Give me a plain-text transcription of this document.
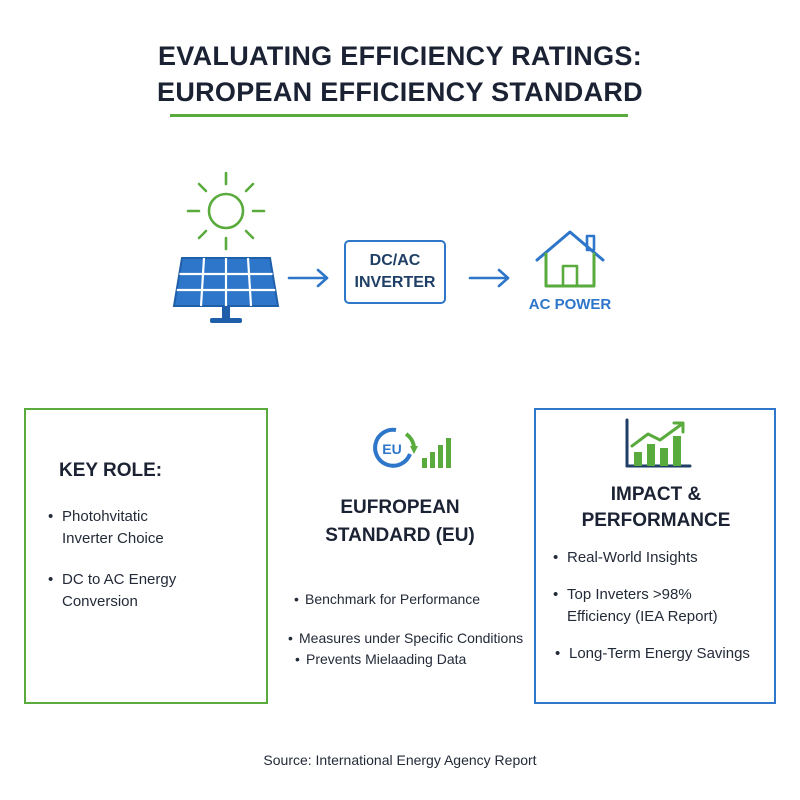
EVALUATING EFFICIENCY RATINGS:
EUROPEAN EFFICIENCY STANDARD
DC/AC
INVERTER
AC POWER
KEY ROLE:
• Photohvitatic
Inverter Choice
• DC to AC Energy
Conversion
EU
EUFROPEAN
STANDARD (EU)
• Benchmark for Performance
• Measures under Specific Conditions
• Prevents Mielaading Data
IMPACT &
PERFORMANCE
• Real-World Insights
• Top Inveters >98%
Efficiency (IEA Report)
• Long-Term Energy Savings
Source: International Energy Agency Report
